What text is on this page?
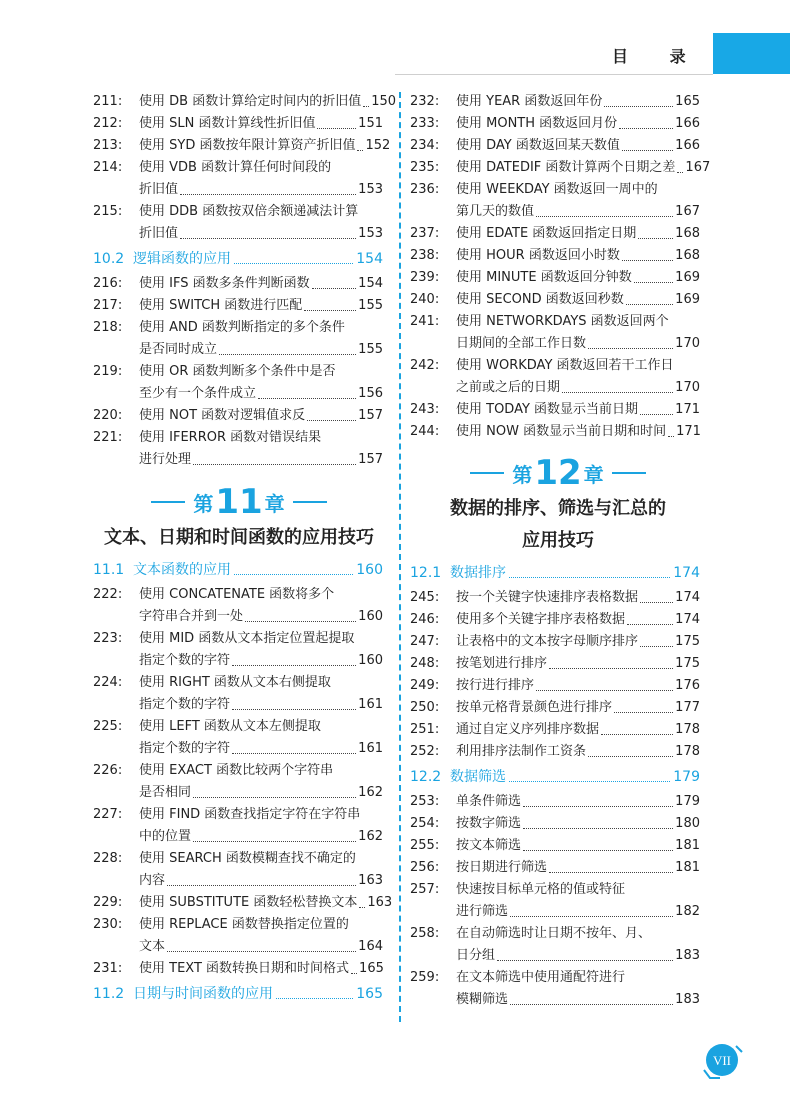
目 录
211:	使用 DB 函数计算给定时间内的折旧值 150
212:	使用 SLN 函数计算线性折旧值	151
213:	使用 SYD 函数按年限计算资产折旧值 152
214:	使用 VDB 函数计算任何时间段的
折旧值	153
215:	使用 DDB 函数按双倍余额递减法计算
折旧值	153
10.2 逻辑函数的应用	154
216:	使用 IFS 函数多条件判断函数	154
217:	使用 SWITCH 函数进行匹配	155
218:	使用 AND 函数判断指定的多个条件
是否同时成立	155
219:	使用 OR 函数判断多个条件中是否
至少有一个条件成立	156
220:	使用 NOT 函数对逻辑值求反	157
221:	使用 IFERROR 函数对错误结果
进行处理	157
第 11 章
文本、日期和时间函数的应用技巧
11.1 文本函数的应用	160
222:	使用 CONCATENATE 函数将多个
字符串合并到一处	160
223:	使用 MID 函数从文本指定位置起提取
指定个数的字符	160
224:	使用 RIGHT 函数从文本右侧提取
指定个数的字符	161
225:	使用 LEFT 函数从文本左侧提取
指定个数的字符	161
226:	使用 EXACT 函数比较两个字符串
是否相同	162
227:	使用 FIND 函数查找指定字符在字符串
中的位置	162
228:	使用 SEARCH 函数模糊查找不确定的
内容	163
229:	使用 SUBSTITUTE 函数轻松替换文本 163
230:	使用 REPLACE 函数替换指定位置的
文本	164
231:	使用 TEXT 函数转换日期和时间格式 165
11.2 日期与时间函数的应用	165
232:	使用 YEAR 函数返回年份	165
233:	使用 MONTH 函数返回月份	166
234:	使用 DAY 函数返回某天数值	166
235:	使用 DATEDIF 函数计算两个日期之差 167
236:	使用 WEEKDAY 函数返回一周中的
第几天的数值	167
237:	使用 EDATE 函数返回指定日期	168
238:	使用 HOUR 函数返回小时数	168
239:	使用 MINUTE 函数返回分钟数	169
240:	使用 SECOND 函数返回秒数	169
241:	使用 NETWORKDAYS 函数返回两个
日期间的全部工作日数	170
242:	使用 WORKDAY 函数返回若干工作日
之前或之后的日期	170
243:	使用 TODAY 函数显示当前日期	171
244:	使用 NOW 函数显示当前日期和时间 171
第 12 章
数据的排序、筛选与汇总的
应用技巧
12.1 数据排序	174
245:	按一个关键字快速排序表格数据	174
246:	使用多个关键字排序表格数据	174
247:	让表格中的文本按字母顺序排序	175
248:	按笔划进行排序	175
249:	按行进行排序	176
250:	按单元格背景颜色进行排序	177
251:	通过自定义序列排序数据	178
252:	利用排序法制作工资条	178
12.2 数据筛选	179
253:	单条件筛选	179
254:	按数字筛选	180
255:	按文本筛选	181
256:	按日期进行筛选	181
257:	快速按目标单元格的值或特征
进行筛选	182
258:	在自动筛选时让日期不按年、月、
日分组	183
259:	在文本筛选中使用通配符进行
模糊筛选	183
VII
